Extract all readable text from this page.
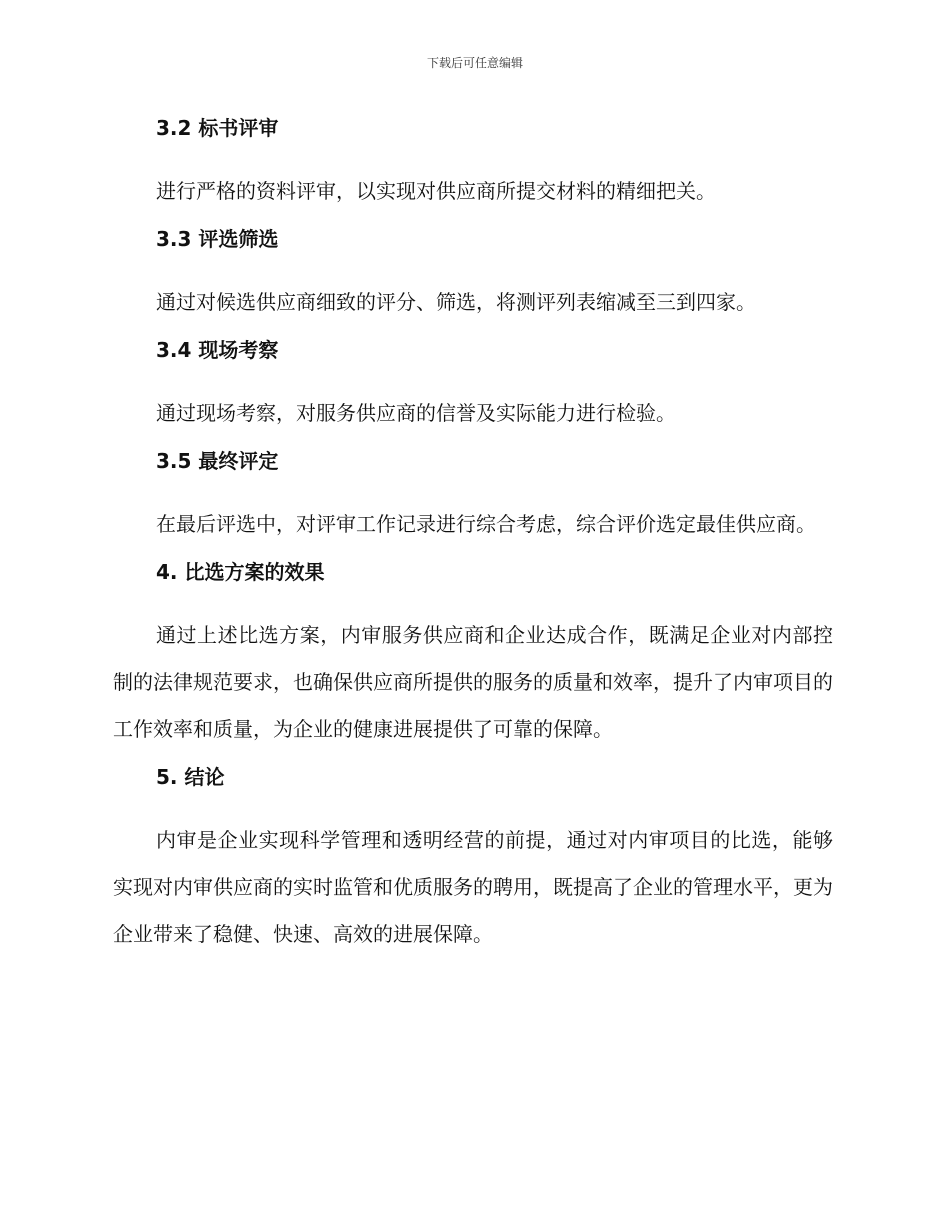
下载后可任意编辑
3.2 标书评审

进行严格的资料评审，以实现对供应商所提交材料的精细把关。

3.3 评选筛选

通过对候选供应商细致的评分、筛选，将测评列表缩减至三到四家。

3.4 现场考察

通过现场考察，对服务供应商的信誉及实际能力进行检验。

3.5 最终评定

在最后评选中，对评审工作记录进行综合考虑，综合评价选定最佳供应商。

4. 比选方案的效果

通过上述比选方案，内审服务供应商和企业达成合作，既满足企业对内部控制的法律规范要求，也确保供应商所提供的服务的质量和效率，提升了内审项目的工作效率和质量，为企业的健康进展提供了可靠的保障。

5. 结论

内审是企业实现科学管理和透明经营的前提，通过对内审项目的比选，能够实现对内审供应商的实时监管和优质服务的聘用，既提高了企业的管理水平，更为企业带来了稳健、快速、高效的进展保障。
